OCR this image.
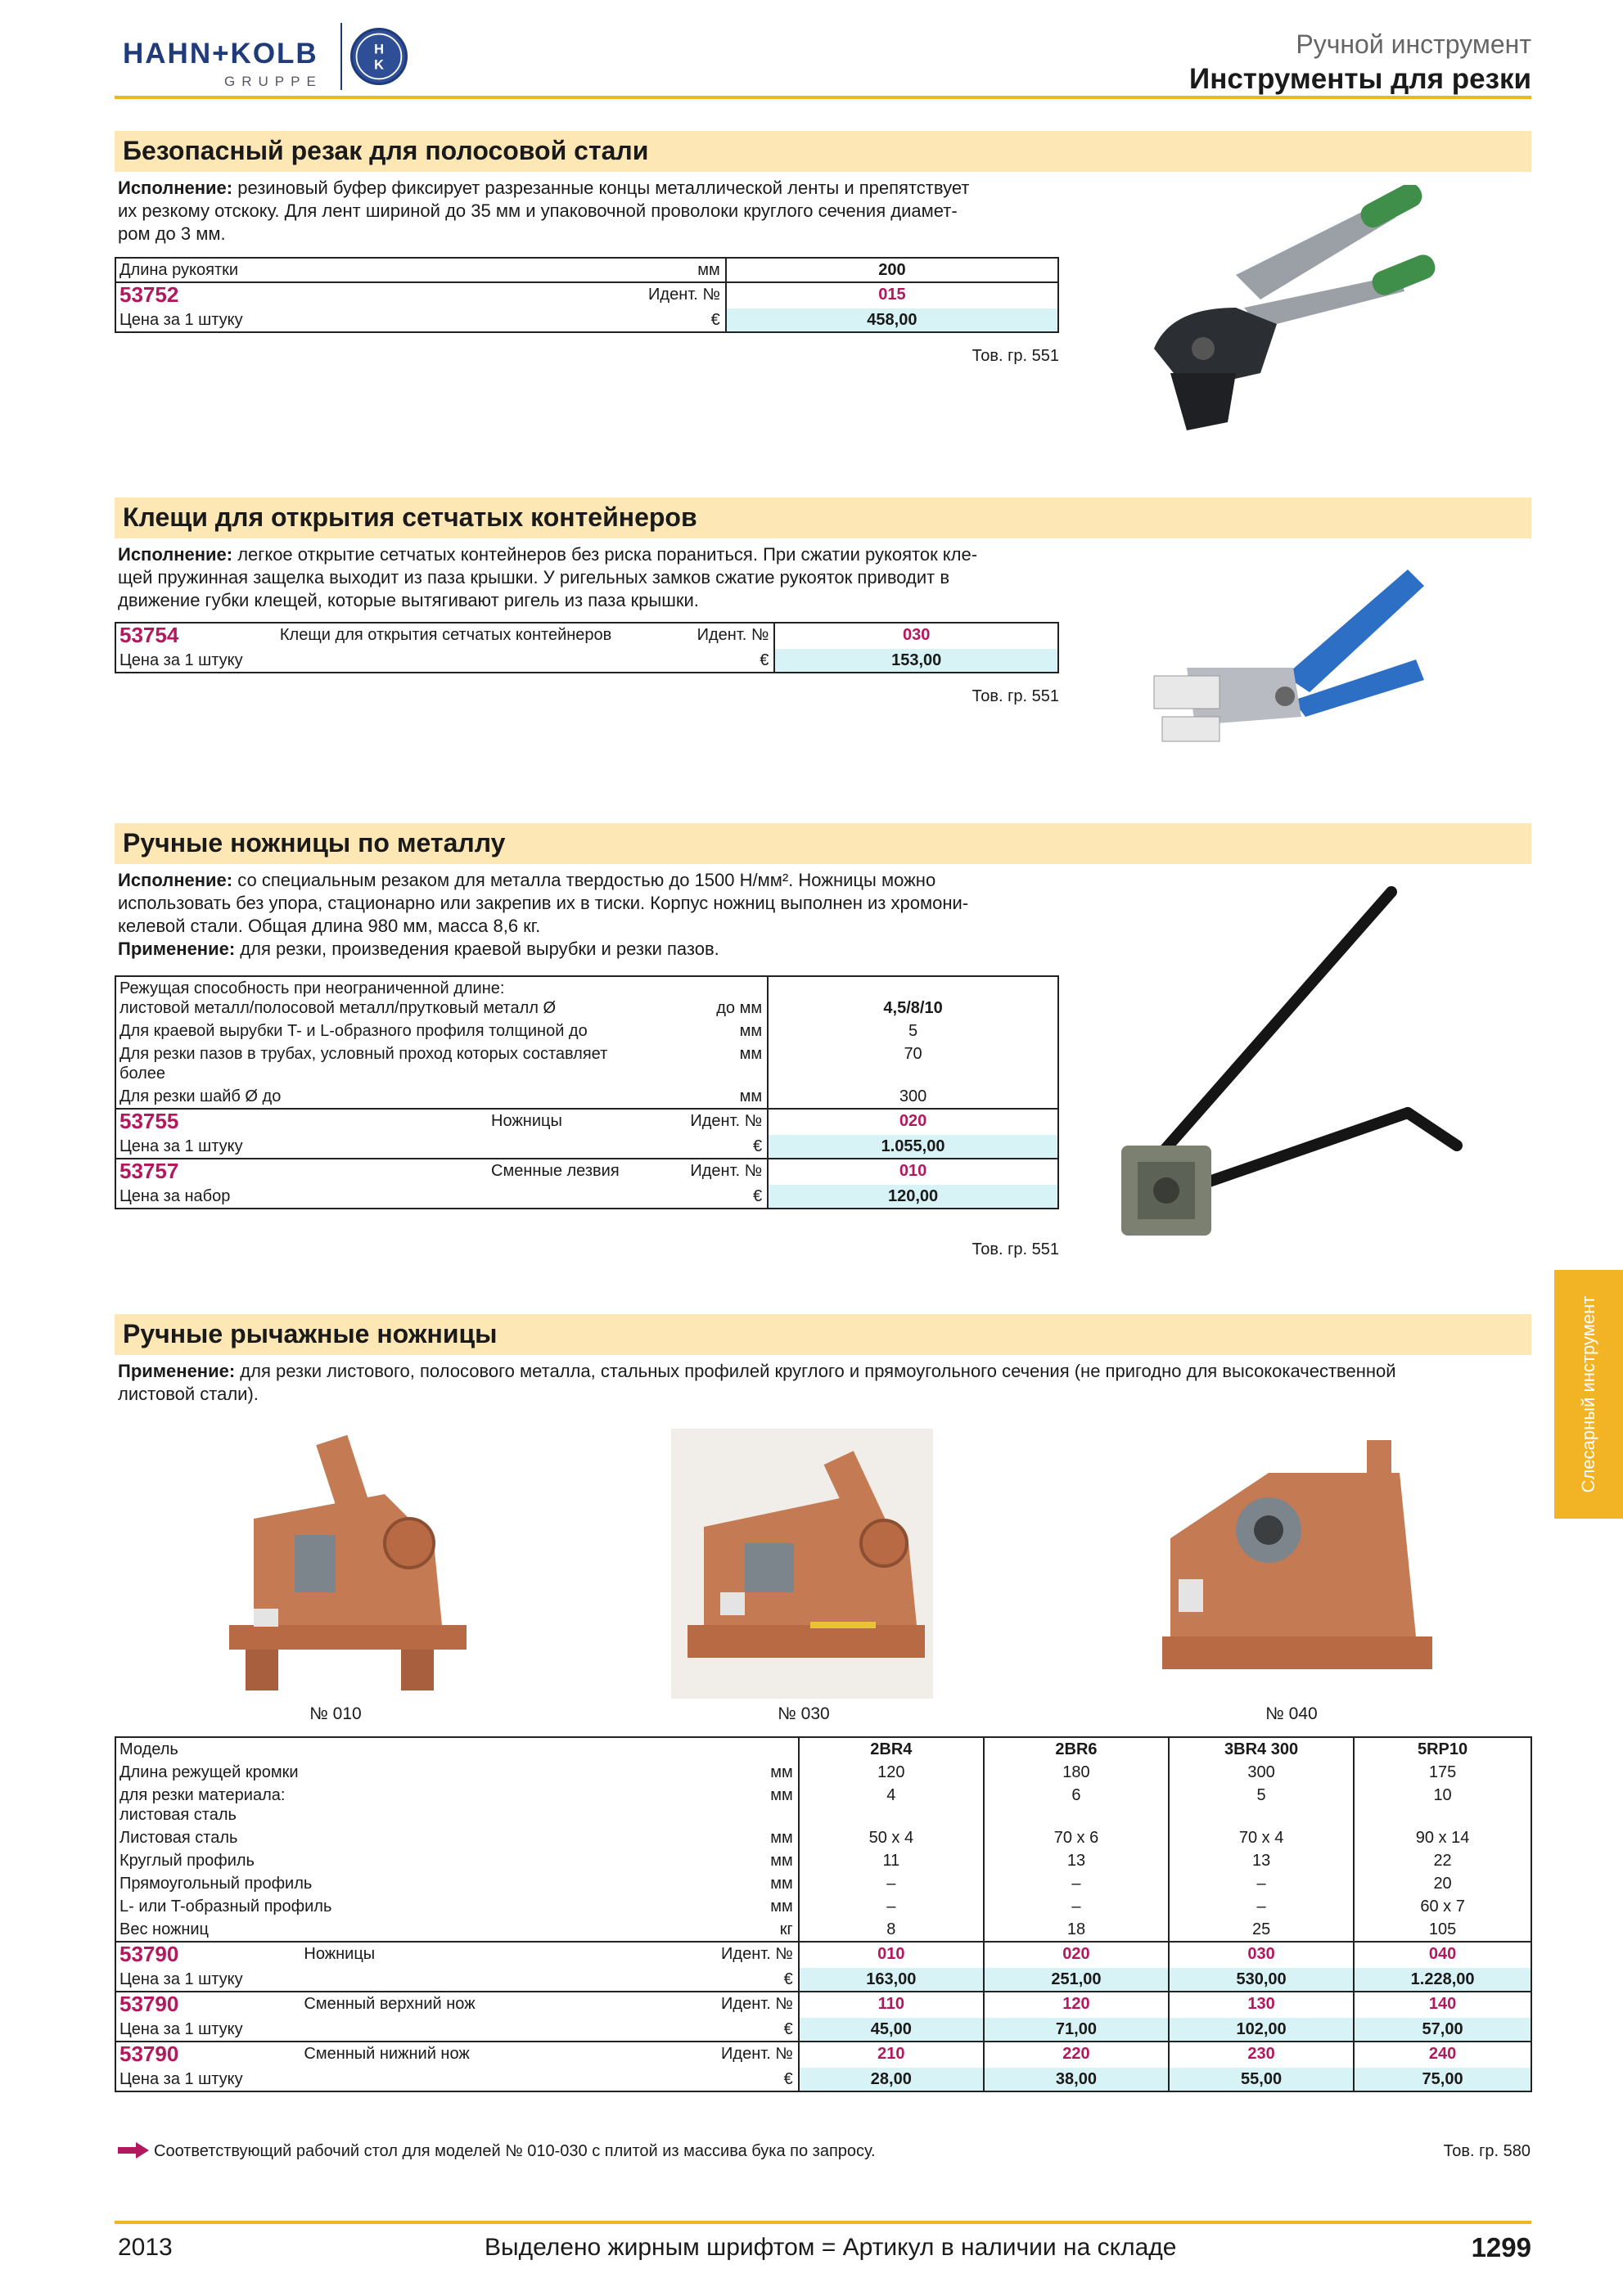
HAHN+KOLB
GRUPPE
H
K
Ручной инструмент
Инструменты для резки
Слесарный инструмент
Безопасный резак для полосовой стали
Исполнение: резиновый буфер фиксирует разрезанные концы металлической ленты и препятствует
их резкому отскоку. Для лент шириной до 35 мм и упаковочной проволоки круглого сечения диамет-
ром до 3 мм.
Длина рукоятки	мм	200
53752	Идент. №	015
Цена за 1 штуку	€	458,00
Тов. гр. 551
Клещи для открытия сетчатых контейнеров
Исполнение: легкое открытие сетчатых контейнеров без риска пораниться. При сжатии рукояток кле-
щей пружинная защелка выходит из паза крышки. У ригельных замков сжатие рукояток приводит в
движение губки клещей, которые вытягивают ригель из паза крышки.
53754	Клещи для открытия сетчатых контейнеров	Идент. №	030
Цена за 1 штуку		€	153,00
Тов. гр. 551
Ручные ножницы по металлу
Исполнение: со специальным резаком для металла твердостью до 1500 Н/мм². Ножницы можно
использовать без упора, стационарно или закрепив их в тиски. Корпус ножниц выполнен из хромони-
келевой стали. Общая длина 980 мм, масса 8,6 кг.
Применение: для резки, произведения краевой вырубки и резки пазов.
Режущая способность при неограниченной длине:
листовой металл/полосовой металл/прутковый металл Ø		до мм	4,5/8/10
Для краевой вырубки T- и L-образного профиля толщиной до		мм	5
Для резки пазов в трубах, условный проход которых составляет
более		мм	70
Для резки шайб Ø до		мм	300
53755	Ножницы	Идент. №	020
Цена за 1 штуку		€	1.055,00
53757	Сменные лезвия	Идент. №	010
Цена за набор		€	120,00
Тов. гр. 551
Ручные рычажные ножницы
Применение: для резки листового, полосового металла, стальных профилей круглого и прямоугольного сечения (не пригодно для высококачественной
листовой стали).
№ 010	№ 030	№ 040
Модель			2BR4	2BR6	3BR4 300	5RP10
Длина режущей кромки		мм	120	180	300	175
для резки материала:
листовая сталь		мм	4	6	5	10
Листовая сталь		мм	50 x 4	70 x 6	70 x 4	90 x 14
Круглый профиль		мм	11	13	13	22
Прямоугольный профиль		мм	–	–	–	20
L- или T-образный профиль		мм	–	–	–	60 x 7
Вес ножниц		кг	8	18	25	105
53790	Ножницы	Идент. №	010	020	030	040
Цена за 1 штуку		€	163,00	251,00	530,00	1.228,00
53790	Сменный верхний нож	Идент. №	110	120	130	140
Цена за 1 штуку		€	45,00	71,00	102,00	57,00
53790	Сменный нижний нож	Идент. №	210	220	230	240
Цена за 1 штуку		€	28,00	38,00	55,00	75,00
Соответствующий рабочий стол для моделей № 010-030 с плитой из массива бука по запросу.	Тов. гр. 580
2013	Выделено жирным шрифтом = Артикул в наличии на складе	1299
